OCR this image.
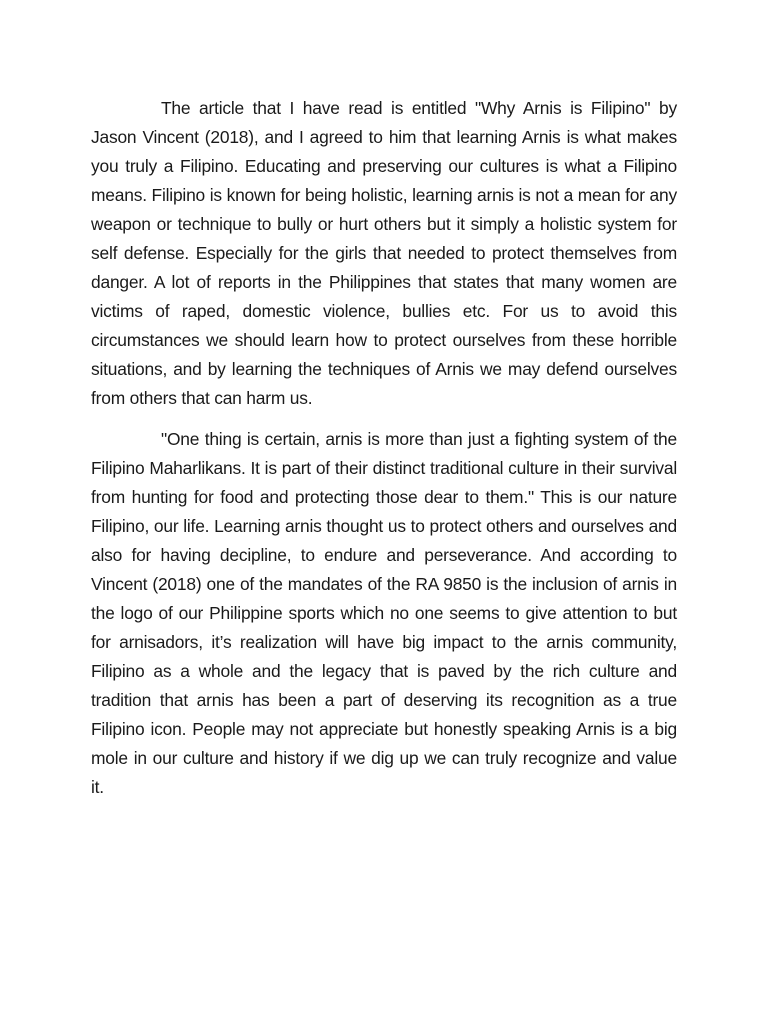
The article that I have read is entitled "Why Arnis is Filipino" by Jason Vincent (2018), and I agreed to him that learning Arnis is what makes you truly a Filipino. Educating and preserving our cultures is what a Filipino means. Filipino is known for being holistic, learning arnis is not a mean for any weapon or technique to bully or hurt others but it simply a holistic system for self defense. Especially for the girls that needed to protect themselves from danger. A lot of reports in the Philippines that states that many women are victims of raped, domestic violence, bullies etc. For us to avoid this circumstances we should learn how to protect ourselves from these horrible situations, and by learning the techniques of Arnis we may defend ourselves from others that can harm us.

"One thing is certain, arnis is more than just a fighting system of the Filipino Maharlikans. It is part of their distinct traditional culture in their survival from hunting for food and protecting those dear to them." This is our nature Filipino, our life. Learning arnis thought us to protect others and ourselves and also for having decipline, to endure and perseverance. And according to Vincent (2018) one of the mandates of the RA 9850 is the inclusion of arnis in the logo of our Philippine sports which no one seems to give attention to but for arnisadors, it’s realization will have big impact to the arnis community, Filipino as a whole and the legacy that is paved by the rich culture and tradition that arnis has been a part of deserving its recognition as a true Filipino icon. People may not appreciate but honestly speaking Arnis is a big mole in our culture and history if we dig up we can truly recognize and value it.
